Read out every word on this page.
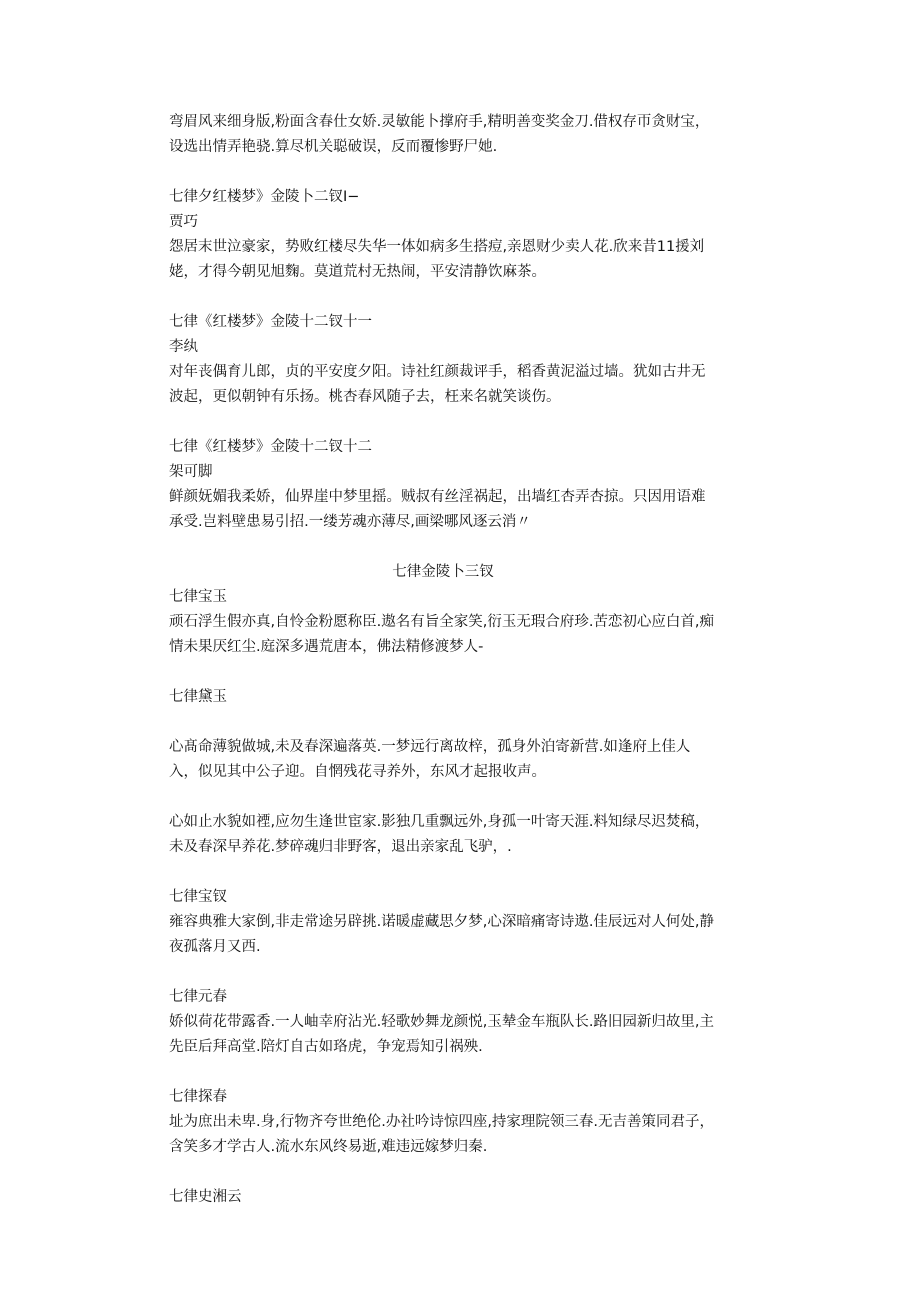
弯眉风来细身版,粉面含春仕女娇.灵敏能卜撑府手,精明善变奖金刀.借权存帀贪财宝，设选出情弄艳骁.算尽机关聪破误，反而覆惨野尸她.

七律夕红楼梦》金陵卜二钗Ⅰ−

贾巧

怨居末世泣豪家，势败红楼尽失华一体如病多生搭痘,亲恩财少卖人花.欣来昔11援刘姥，才得今朝见旭麴。莫道荒村无热闹，平安清静饮麻茶。

七律《红楼梦》金陵十二钗十一

李纨

对年丧偶育儿郎，贞的平安度夕阳。诗社红颜裁评手，稻香黄泥溢过墙。犹如古井无波起，更似朝钟有乐扬。桃杏春风随子去，枉来名就笑谈伤。

七律《红楼梦》金陵十二钗十二

架可脚

鲜颜妩媚我柔娇，仙界崖中梦里摇。贼叔有丝淫祸起，出墙红杏弄杏掠。只因用语难承受.岂料壁患易引招.一缕芳魂亦薄尽,画梁哪风逐云消〃

七律金陵卜三钗

七律宝玉

顽石浮生假亦真,自怜金粉愿称臣.遨名有旨全家笑,衍玉无瑕合府珍.苦恋初心应白首,痴情未果厌红尘.庭深多遇荒唐本，佛法精修渡梦人-

七律黛玉

心髙命薄貌做城,未及春深遍落英.一梦远行离故梓，孤身外泊寄新营.如逢府上佳人入，似见其中公子迎。自惘残花寻养外，东风才起报收声。

心如止水貌如禋,应勿生逢世宦家.影独几重飘远外,身孤一叶寄天涯.料知绿尽迟焚稿，未及春深早养花.梦碎魂归非野客，退出亲家乱飞驴，.

七律宝钗

雍容典雅大家倒,非走常途另辟挑.诺暖虚藏思夕梦,心深暗痛寄诗遨.佳辰远对人何处,静夜孤落月又西.

七律元春

娇似荷花带露香.一人岫幸府沾光.轻歌妙舞龙颜悦,玉辇金车瓶队长.路旧园新归故里,主先臣后拜高堂.陪灯自古如珞虎，争宠焉知引祸殃.

七律探春

址为庶出未卑.身,行物齐夸世绝伦.办社吟诗惊四座,持家理院领三春.无吉善策同君子，含笑多才学古人.流水东风终易逝,难违远嫁梦归秦.

七律史湘云
